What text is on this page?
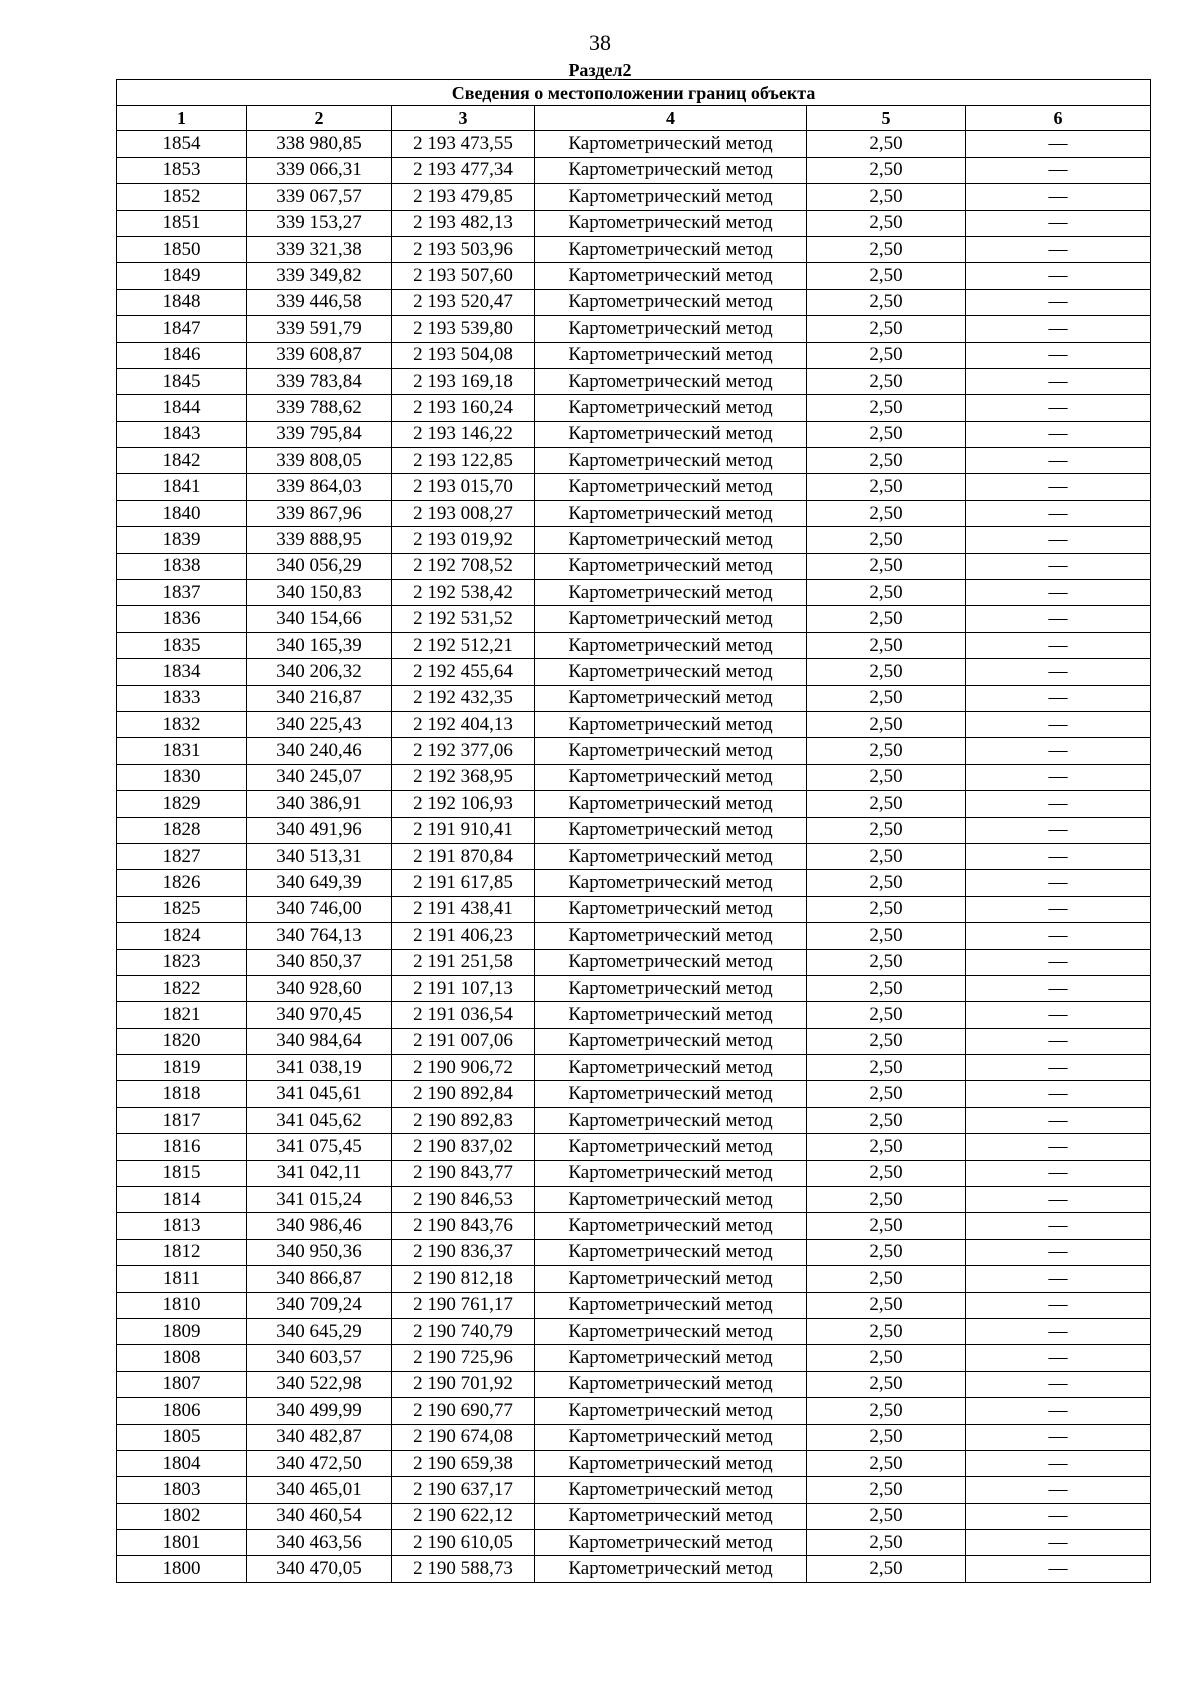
38
Раздел2
Сведения о местоположении границ объекта					
1	2	3	4	5	6
1854	338 980,85	2 193 473,55	Картометрический метод	2,50	—
1853	339 066,31	2 193 477,34	Картометрический метод	2,50	—
1852	339 067,57	2 193 479,85	Картометрический метод	2,50	—
1851	339 153,27	2 193 482,13	Картометрический метод	2,50	—
1850	339 321,38	2 193 503,96	Картометрический метод	2,50	—
1849	339 349,82	2 193 507,60	Картометрический метод	2,50	—
1848	339 446,58	2 193 520,47	Картометрический метод	2,50	—
1847	339 591,79	2 193 539,80	Картометрический метод	2,50	—
1846	339 608,87	2 193 504,08	Картометрический метод	2,50	—
1845	339 783,84	2 193 169,18	Картометрический метод	2,50	—
1844	339 788,62	2 193 160,24	Картометрический метод	2,50	—
1843	339 795,84	2 193 146,22	Картометрический метод	2,50	—
1842	339 808,05	2 193 122,85	Картометрический метод	2,50	—
1841	339 864,03	2 193 015,70	Картометрический метод	2,50	—
1840	339 867,96	2 193 008,27	Картометрический метод	2,50	—
1839	339 888,95	2 193 019,92	Картометрический метод	2,50	—
1838	340 056,29	2 192 708,52	Картометрический метод	2,50	—
1837	340 150,83	2 192 538,42	Картометрический метод	2,50	—
1836	340 154,66	2 192 531,52	Картометрический метод	2,50	—
1835	340 165,39	2 192 512,21	Картометрический метод	2,50	—
1834	340 206,32	2 192 455,64	Картометрический метод	2,50	—
1833	340 216,87	2 192 432,35	Картометрический метод	2,50	—
1832	340 225,43	2 192 404,13	Картометрический метод	2,50	—
1831	340 240,46	2 192 377,06	Картометрический метод	2,50	—
1830	340 245,07	2 192 368,95	Картометрический метод	2,50	—
1829	340 386,91	2 192 106,93	Картометрический метод	2,50	—
1828	340 491,96	2 191 910,41	Картометрический метод	2,50	—
1827	340 513,31	2 191 870,84	Картометрический метод	2,50	—
1826	340 649,39	2 191 617,85	Картометрический метод	2,50	—
1825	340 746,00	2 191 438,41	Картометрический метод	2,50	—
1824	340 764,13	2 191 406,23	Картометрический метод	2,50	—
1823	340 850,37	2 191 251,58	Картометрический метод	2,50	—
1822	340 928,60	2 191 107,13	Картометрический метод	2,50	—
1821	340 970,45	2 191 036,54	Картометрический метод	2,50	—
1820	340 984,64	2 191 007,06	Картометрический метод	2,50	—
1819	341 038,19	2 190 906,72	Картометрический метод	2,50	—
1818	341 045,61	2 190 892,84	Картометрический метод	2,50	—
1817	341 045,62	2 190 892,83	Картометрический метод	2,50	—
1816	341 075,45	2 190 837,02	Картометрический метод	2,50	—
1815	341 042,11	2 190 843,77	Картометрический метод	2,50	—
1814	341 015,24	2 190 846,53	Картометрический метод	2,50	—
1813	340 986,46	2 190 843,76	Картометрический метод	2,50	—
1812	340 950,36	2 190 836,37	Картометрический метод	2,50	—
1811	340 866,87	2 190 812,18	Картометрический метод	2,50	—
1810	340 709,24	2 190 761,17	Картометрический метод	2,50	—
1809	340 645,29	2 190 740,79	Картометрический метод	2,50	—
1808	340 603,57	2 190 725,96	Картометрический метод	2,50	—
1807	340 522,98	2 190 701,92	Картометрический метод	2,50	—
1806	340 499,99	2 190 690,77	Картометрический метод	2,50	—
1805	340 482,87	2 190 674,08	Картометрический метод	2,50	—
1804	340 472,50	2 190 659,38	Картометрический метод	2,50	—
1803	340 465,01	2 190 637,17	Картометрический метод	2,50	—
1802	340 460,54	2 190 622,12	Картометрический метод	2,50	—
1801	340 463,56	2 190 610,05	Картометрический метод	2,50	—
1800	340 470,05	2 190 588,73	Картометрический метод	2,50	—
